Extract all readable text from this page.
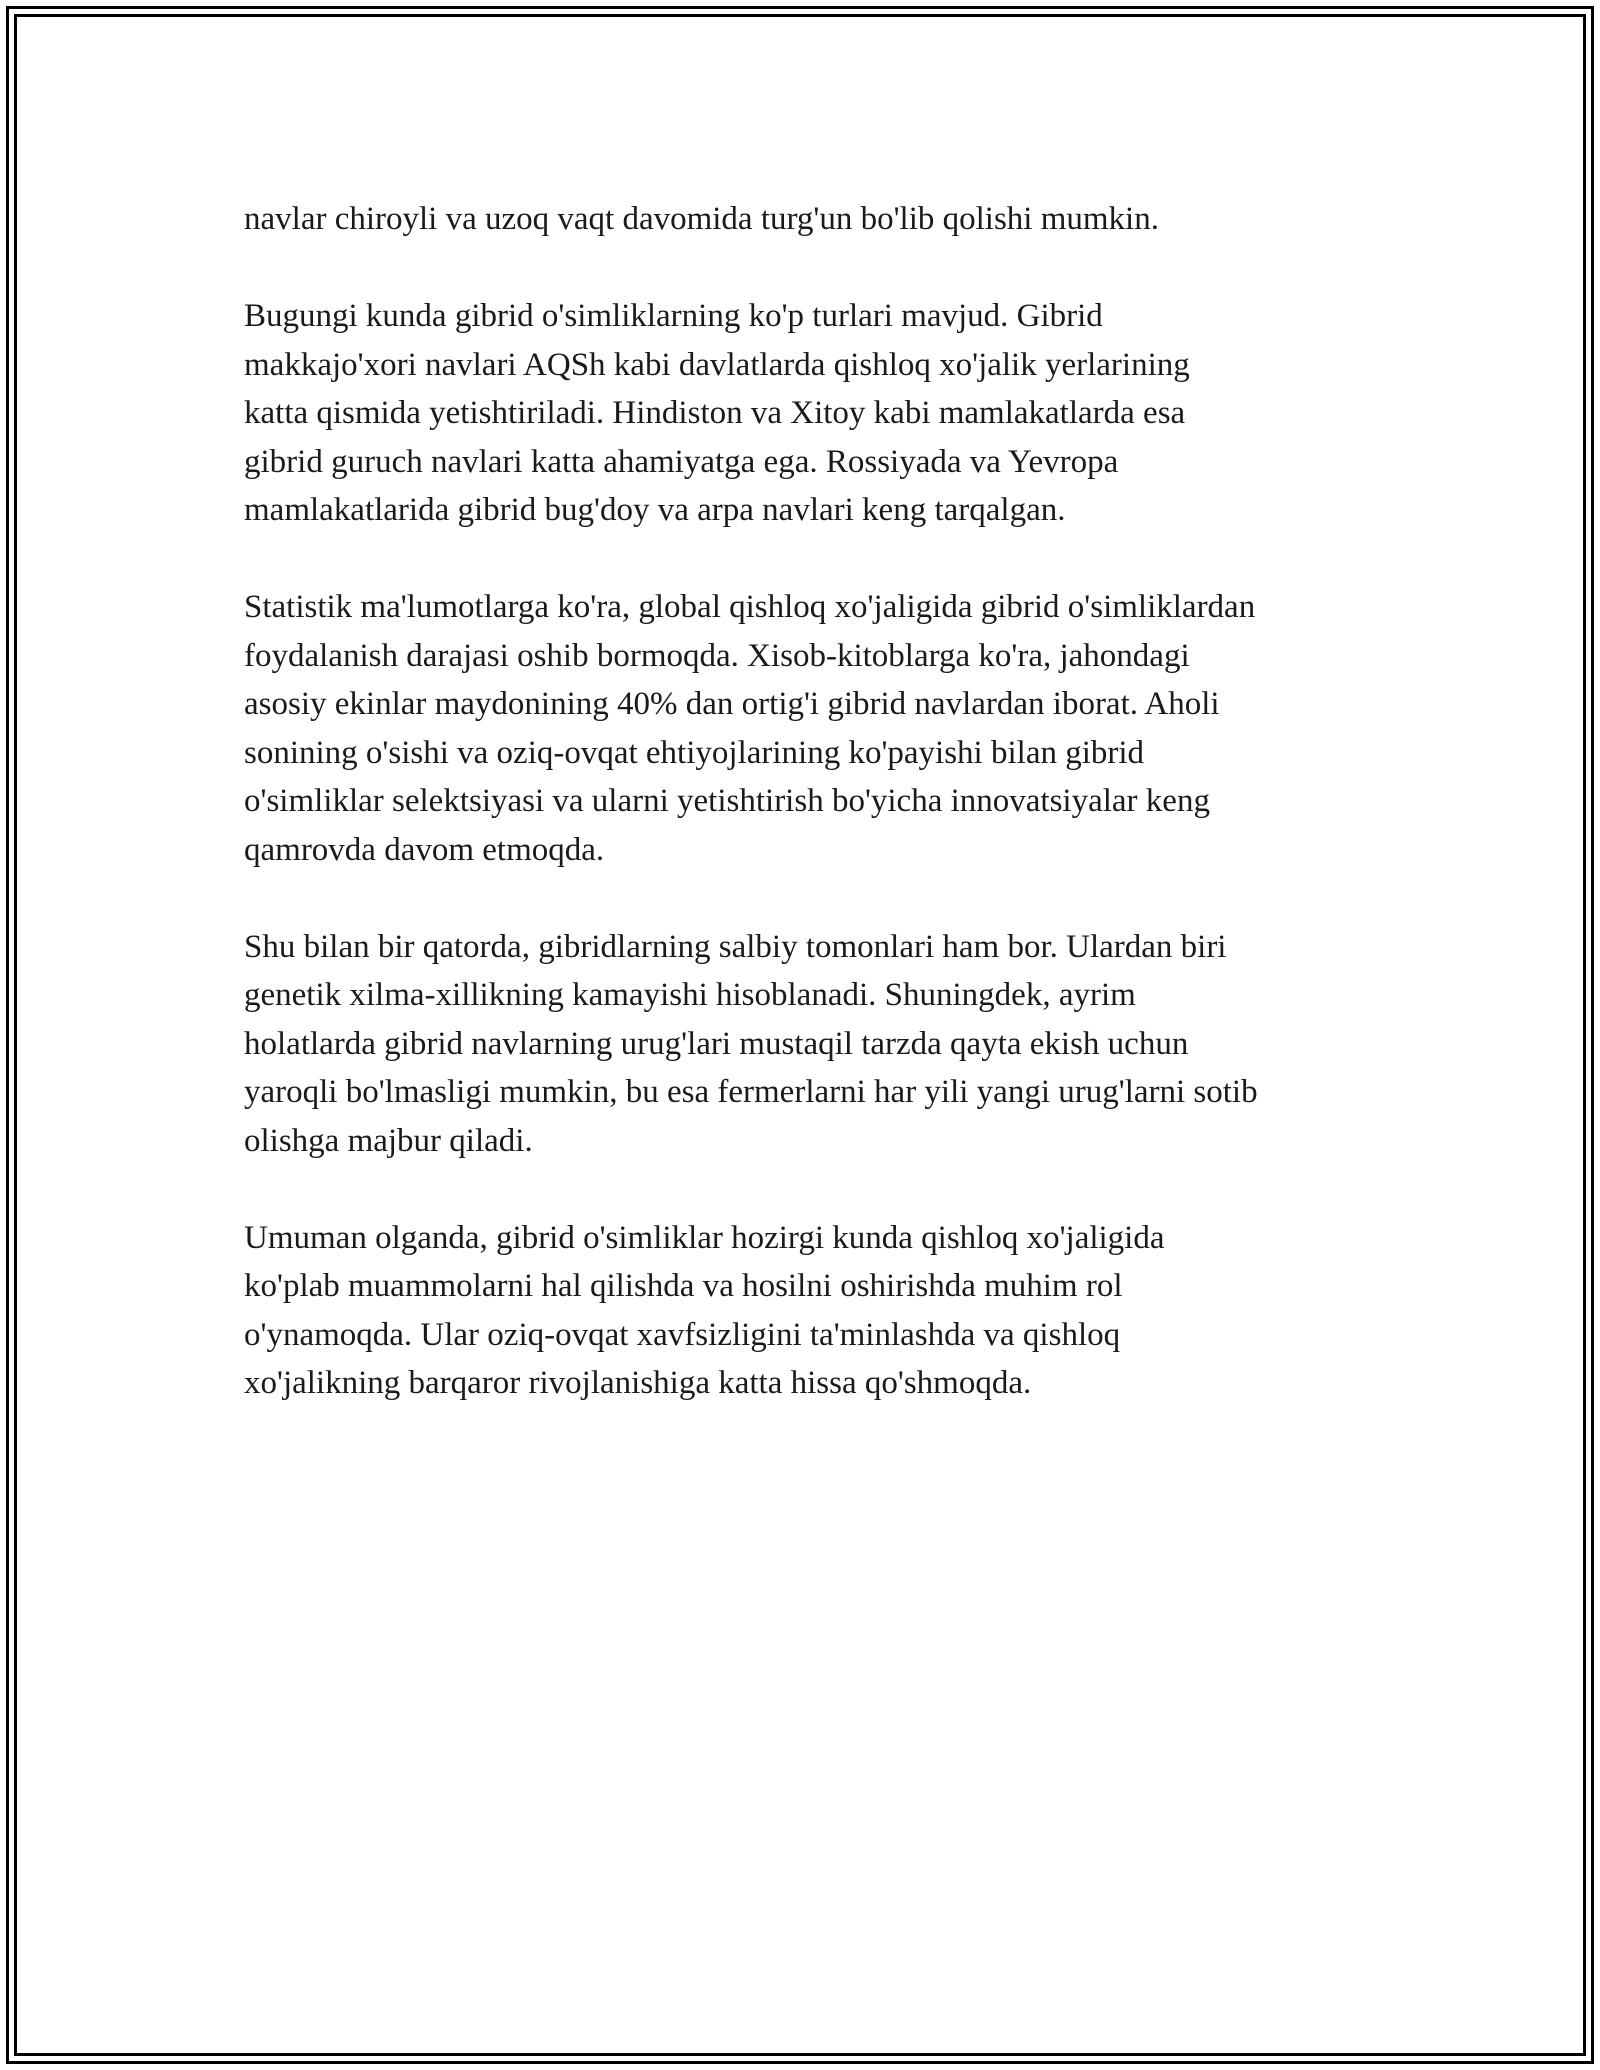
navlar chiroyli va uzoq vaqt davomida turg'un bo'lib qolishi mumkin.

Bugungi kunda gibrid o'simliklarning ko'p turlari mavjud. Gibrid
makkajo'xori navlari AQSh kabi davlatlarda qishloq xo'jalik yerlarining
katta qismida yetishtiriladi. Hindiston va Xitoy kabi mamlakatlarda esa
gibrid guruch navlari katta ahamiyatga ega. Rossiyada va Yevropa
mamlakatlarida gibrid bug'doy va arpa navlari keng tarqalgan.

Statistik ma'lumotlarga ko'ra, global qishloq xo'jaligida gibrid o'simliklardan
foydalanish darajasi oshib bormoqda. Xisob-kitoblarga ko'ra, jahondagi
asosiy ekinlar maydonining 40% dan ortig'i gibrid navlardan iborat. Aholi
sonining o'sishi va oziq-ovqat ehtiyojlarining ko'payishi bilan gibrid
o'simliklar selektsiyasi va ularni yetishtirish bo'yicha innovatsiyalar keng
qamrovda davom etmoqda.

Shu bilan bir qatorda, gibridlarning salbiy tomonlari ham bor. Ulardan biri
genetik xilma-xillikning kamayishi hisoblanadi. Shuningdek, ayrim
holatlarda gibrid navlarning urug'lari mustaqil tarzda qayta ekish uchun
yaroqli bo'lmasligi mumkin, bu esa fermerlarni har yili yangi urug'larni sotib
olishga majbur qiladi.

Umuman olganda, gibrid o'simliklar hozirgi kunda qishloq xo'jaligida
ko'plab muammolarni hal qilishda va hosilni oshirishda muhim rol
o'ynamoqda. Ular oziq-ovqat xavfsizligini ta'minlashda va qishloq
xo'jalikning barqaror rivojlanishiga katta hissa qo'shmoqda.
